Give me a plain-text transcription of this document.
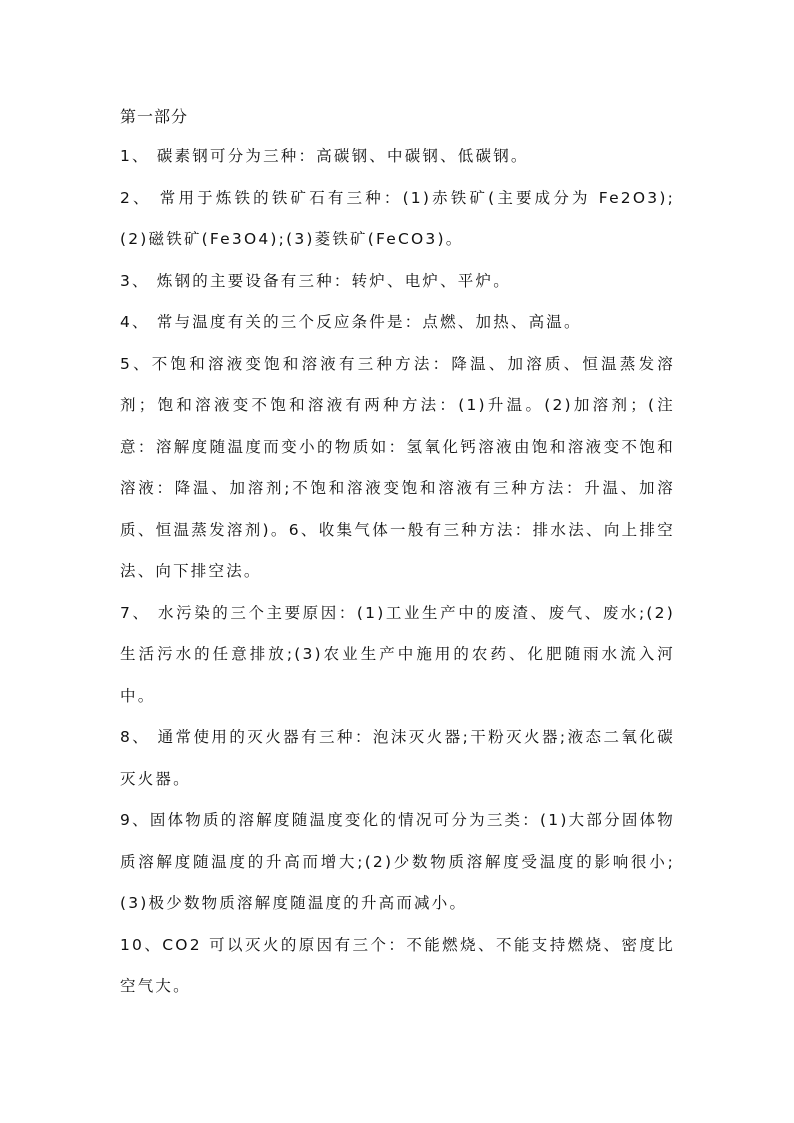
第一部分

1、 碳素钢可分为三种：高碳钢、中碳钢、低碳钢。

2、 常用于炼铁的铁矿石有三种：(1)赤铁矿(主要成分为 Fe2O3);(2)磁铁矿(Fe3O4);(3)菱铁矿(FeCO3)。

3、 炼钢的主要设备有三种：转炉、电炉、平炉。

4、 常与温度有关的三个反应条件是：点燃、加热、高温。

5、不饱和溶液变饱和溶液有三种方法：降温、加溶质、恒温蒸发溶剂；饱和溶液变不饱和溶液有两种方法：(1)升温。(2)加溶剂；(注意：溶解度随温度而变小的物质如：氢氧化钙溶液由饱和溶液变不饱和溶液：降温、加溶剂;不饱和溶液变饱和溶液有三种方法：升温、加溶质、恒温蒸发溶剂)。6、收集气体一般有三种方法：排水法、向上排空法、向下排空法。

7、 水污染的三个主要原因：(1)工业生产中的废渣、废气、废水;(2)生活污水的任意排放;(3)农业生产中施用的农药、化肥随雨水流入河中。

8、 通常使用的灭火器有三种：泡沫灭火器;干粉灭火器;液态二氧化碳灭火器。

9、固体物质的溶解度随温度变化的情况可分为三类：(1)大部分固体物质溶解度随温度的升高而增大;(2)少数物质溶解度受温度的影响很小;(3)极少数物质溶解度随温度的升高而减小。

10、CO2 可以灭火的原因有三个：不能燃烧、不能支持燃烧、密度比空气大。
